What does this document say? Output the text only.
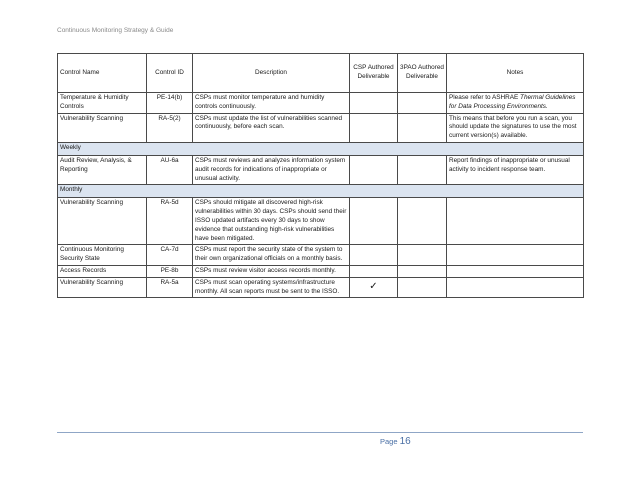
Continuous Monitoring Strategy & Guide
Control Name	Control ID	Description	CSP Authored Deliverable	3PAO Authored Deliverable	Notes
Temperature & Humidity Controls	PE-14(b)	CSPs must monitor temperature and humidity controls continuously.			Please refer to ASHRAE Thermal Guidelines for Data Processing Environments.
Vulnerability Scanning	RA-5(2)	CSPs must update the list of vulnerabilities scanned continuously, before each scan.			This means that before you run a scan, you should update the signatures to use the most current version(s) available.
Weekly					
Audit Review, Analysis, & Reporting	AU-6a	CSPs must reviews and analyzes information system audit records for indications of inappropriate or unusual activity.			Report findings of inappropriate or unusual activity to incident response team.
Monthly					
Vulnerability Scanning	RA-5d	CSPs should mitigate all discovered high-risk vulnerabilities within 30 days. CSPs should send their ISSO updated artifacts every 30 days to show evidence that outstanding high-risk vulnerabilities have been mitigated.			
Continuous Monitoring Security State	CA-7d	CSPs must report the security state of the system to their own organizational officials on a monthly basis.			
Access Records	PE-8b	CSPs must review visitor access records monthly.			
Vulnerability Scanning	RA-5a	CSPs must scan operating systems/infrastructure monthly. All scan reports must be sent to the ISSO.	✓		
Page 16
